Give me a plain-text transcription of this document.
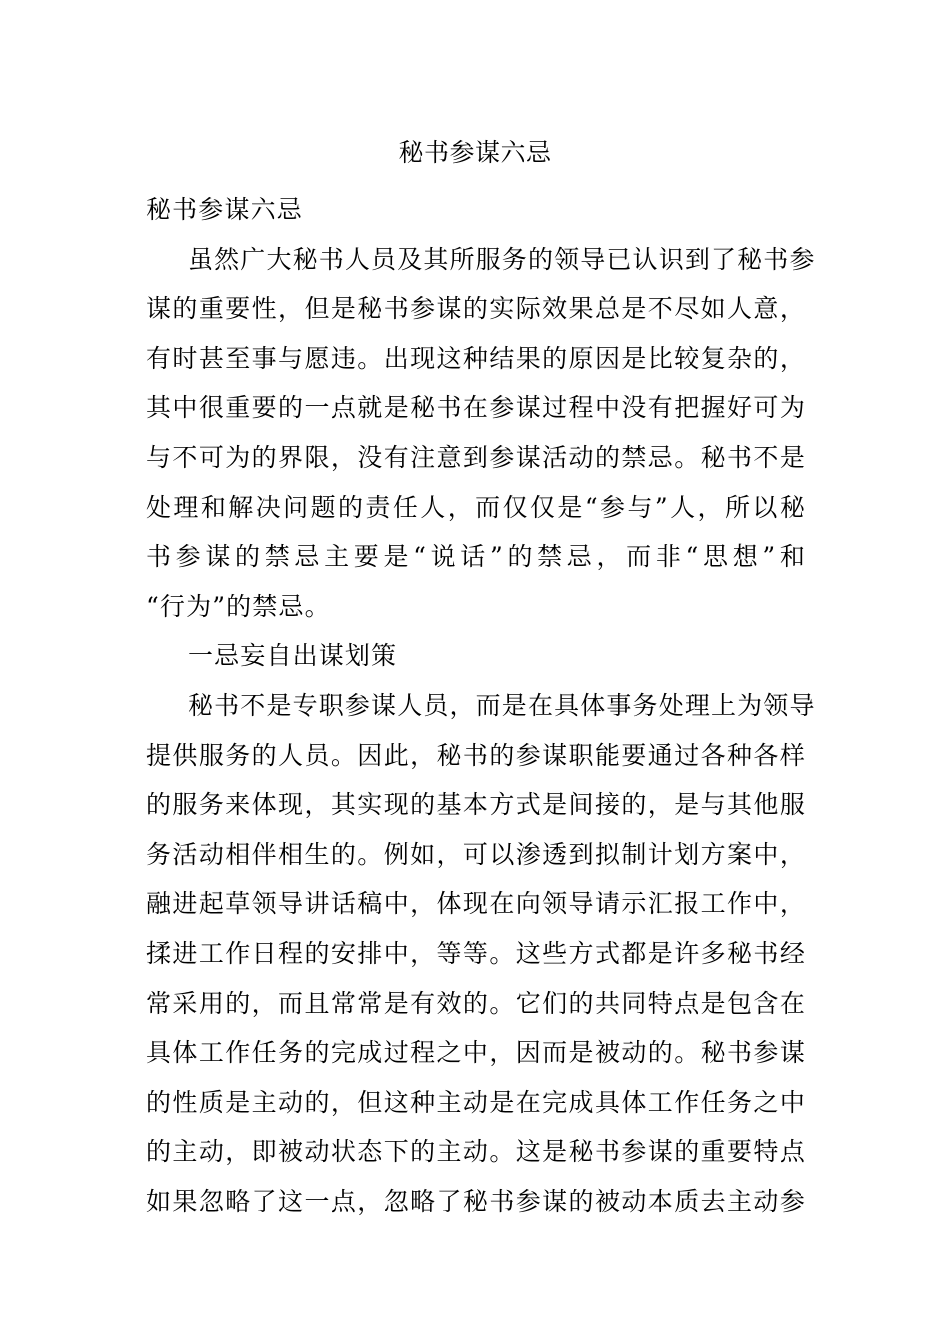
秘书参谋六忌
秘书参谋六忌
虽然广大秘书人员及其所服务的领导已认识到了秘书参
谋的重要性，但是秘书参谋的实际效果总是不尽如人意，
有时甚至事与愿违。出现这种结果的原因是比较复杂的，
其中很重要的一点就是秘书在参谋过程中没有把握好可为
与不可为的界限，没有注意到参谋活动的禁忌。秘书不是
处理和解决问题的责任人，而仅仅是“参与”人，所以秘
书参谋的禁忌主要是“说话”的禁忌，而非“思想”和
“行为”的禁忌。
一忌妄自出谋划策
秘书不是专职参谋人员，而是在具体事务处理上为领导
提供服务的人员。因此，秘书的参谋职能要通过各种各样
的服务来体现，其实现的基本方式是间接的，是与其他服
务活动相伴相生的。例如，可以渗透到拟制计划方案中，
融进起草领导讲话稿中，体现在向领导请示汇报工作中，
揉进工作日程的安排中，等等。这些方式都是许多秘书经
常采用的，而且常常是有效的。它们的共同特点是包含在
具体工作任务的完成过程之中，因而是被动的。秘书参谋
的性质是主动的，但这种主动是在完成具体工作任务之中
的主动，即被动状态下的主动。这是秘书参谋的重要特点
如果忽略了这一点，忽略了秘书参谋的被动本质去主动参
